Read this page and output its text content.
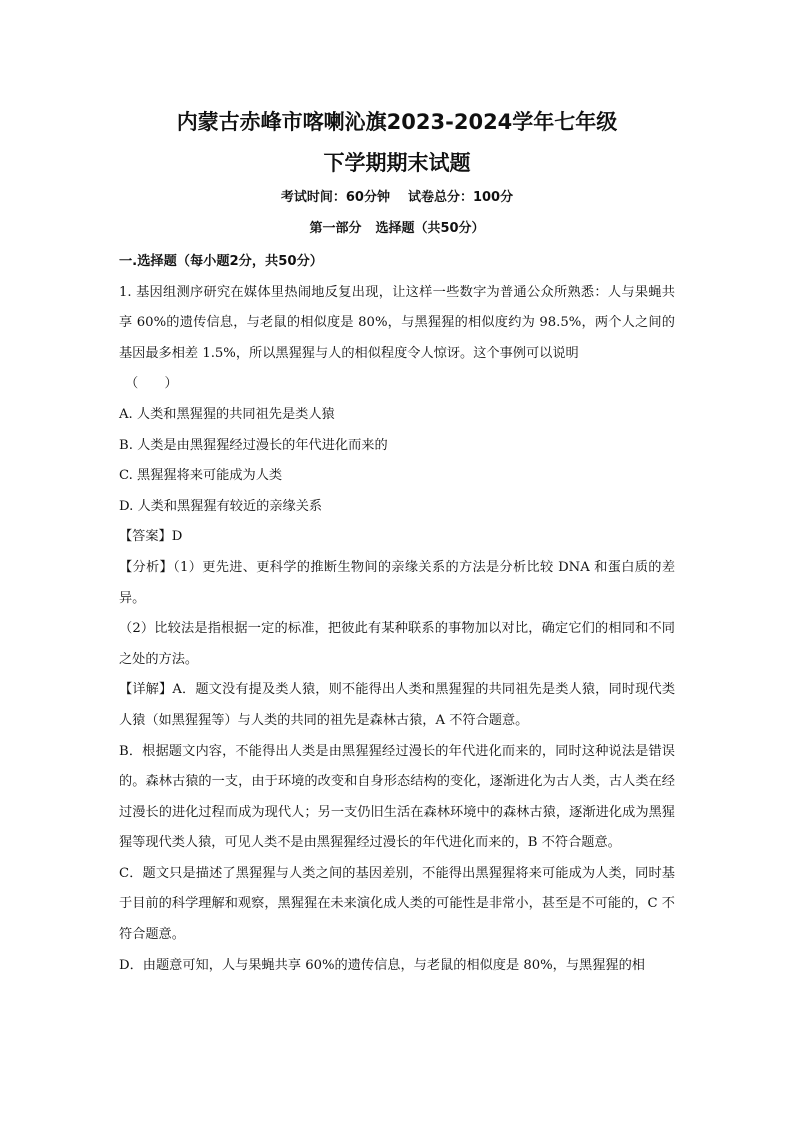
内蒙古赤峰市喀喇沁旗2023-2024学年七年级
下学期期末试题
考试时间：60分钟 试卷总分：100分
第一部分 选择题（共50分）

一.选择题（每小题2分，共50分）

1. 基因组测序研究在媒体里热闹地反复出现，让这样一些数字为普通公众所熟悉：人与果蝇共享 60%的遗传信息，与老鼠的相似度是 80%，与黑猩猩的相似度约为 98.5%，两个人之间的基因最多相差 1.5%，所以黑猩猩与人的相似程度令人惊讶。这个事例可以说明

（　　）

A. 人类和黑猩猩的共同祖先是类人猿

B. 人类是由黑猩猩经过漫长的年代进化而来的

C. 黑猩猩将来可能成为人类

D. 人类和黑猩猩有较近的亲缘关系

【答案】D

【分析】（1）更先进、更科学的推断生物间的亲缘关系的方法是分析比较 DNA 和蛋白质的差异。

（2）比较法是指根据一定的标准，把彼此有某种联系的事物加以对比，确定它们的相同和不同之处的方法。

【详解】A．题文没有提及类人猿，则不能得出人类和黑猩猩的共同祖先是类人猿，同时现代类人猿（如黑猩猩等）与人类的共同的祖先是森林古猿，A 不符合题意。

B．根据题文内容，不能得出人类是由黑猩猩经过漫长的年代进化而来的，同时这种说法是错误的。森林古猿的一支，由于环境的改变和自身形态结构的变化，逐渐进化为古人类，古人类在经过漫长的进化过程而成为现代人；另一支仍旧生活在森林环境中的森林古猿，逐渐进化成为黑猩猩等现代类人猿，可见人类不是由黑猩猩经过漫长的年代进化而来的，B 不符合题意。

C．题文只是描述了黑猩猩与人类之间的基因差别，不能得出黑猩猩将来可能成为人类，同时基于目前的科学理解和观察，黑猩猩在未来演化成人类的可能性是非常小，甚至是不可能的，C 不符合题意。

D．由题意可知，人与果蝇共享 60%的遗传信息，与老鼠的相似度是 80%，与黑猩猩的相
